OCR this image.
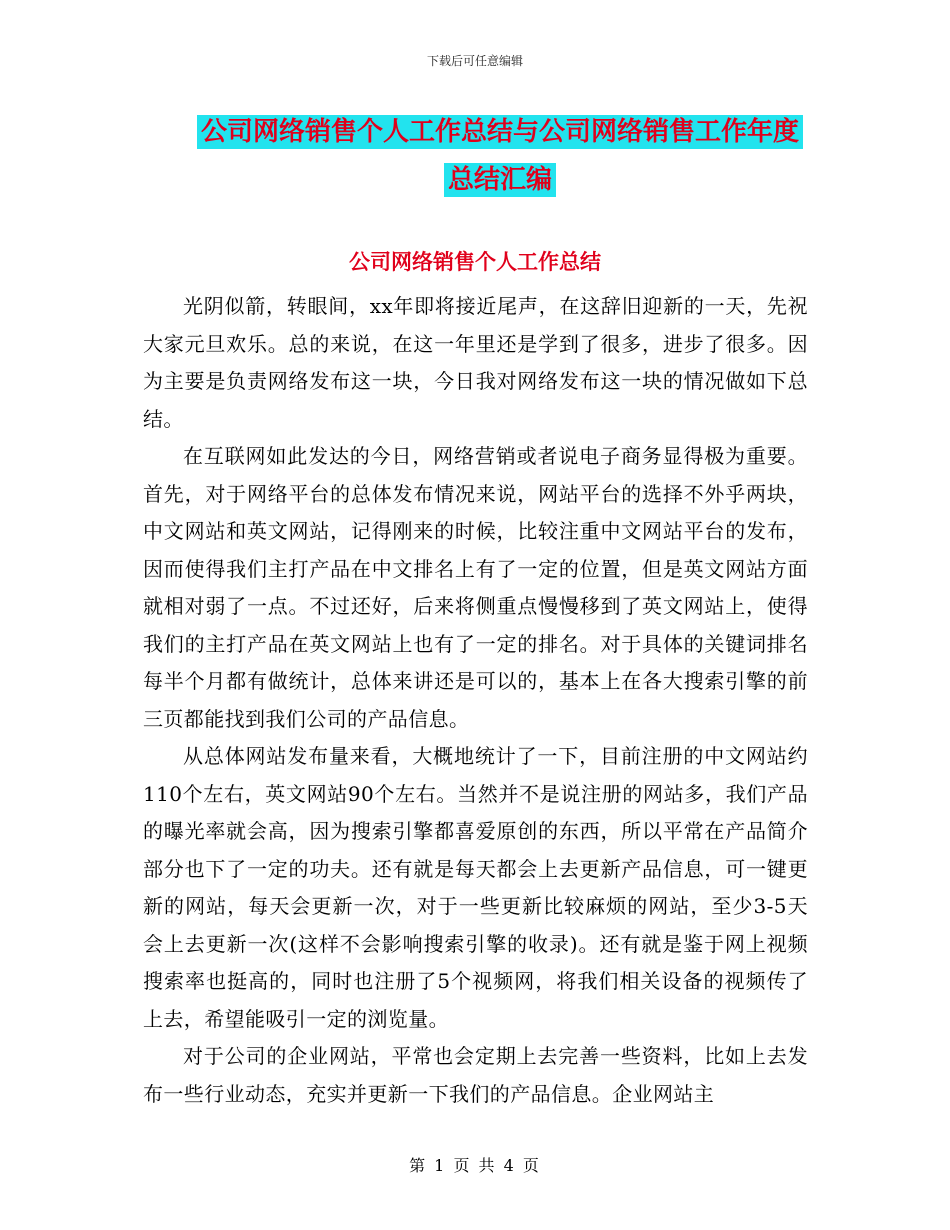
下载后可任意编辑
公司网络销售个人工作总结与公司网络销售工作年度
总结汇编
公司网络销售个人工作总结

光阴似箭，转眼间，xx年即将接近尾声，在这辞旧迎新的一天，先祝大家元旦欢乐。总的来说，在这一年里还是学到了很多，进步了很多。因为主要是负责网络发布这一块，今日我对网络发布这一块的情况做如下总结。

在互联网如此发达的今日，网络营销或者说电子商务显得极为重要。首先，对于网络平台的总体发布情况来说，网站平台的选择不外乎两块，中文网站和英文网站，记得刚来的时候，比较注重中文网站平台的发布，因而使得我们主打产品在中文排名上有了一定的位置，但是英文网站方面就相对弱了一点。不过还好，后来将侧重点慢慢移到了英文网站上，使得我们的主打产品在英文网站上也有了一定的排名。对于具体的关键词排名每半个月都有做统计，总体来讲还是可以的，基本上在各大搜索引擎的前三页都能找到我们公司的产品信息。

从总体网站发布量来看，大概地统计了一下，目前注册的中文网站约110个左右，英文网站90个左右。当然并不是说注册的网站多，我们产品的曝光率就会高，因为搜索引擎都喜爱原创的东西，所以平常在产品简介部分也下了一定的功夫。还有就是每天都会上去更新产品信息，可一键更新的网站，每天会更新一次，对于一些更新比较麻烦的网站，至少3-5天会上去更新一次(这样不会影响搜索引擎的收录)。还有就是鉴于网上视频搜索率也挺高的，同时也注册了5个视频网，将我们相关设备的视频传了上去，希望能吸引一定的浏览量。

对于公司的企业网站，平常也会定期上去完善一些资料，比如上去发布一些行业动态，充实并更新一下我们的产品信息。企业网站主

第 1 页 共 4 页
